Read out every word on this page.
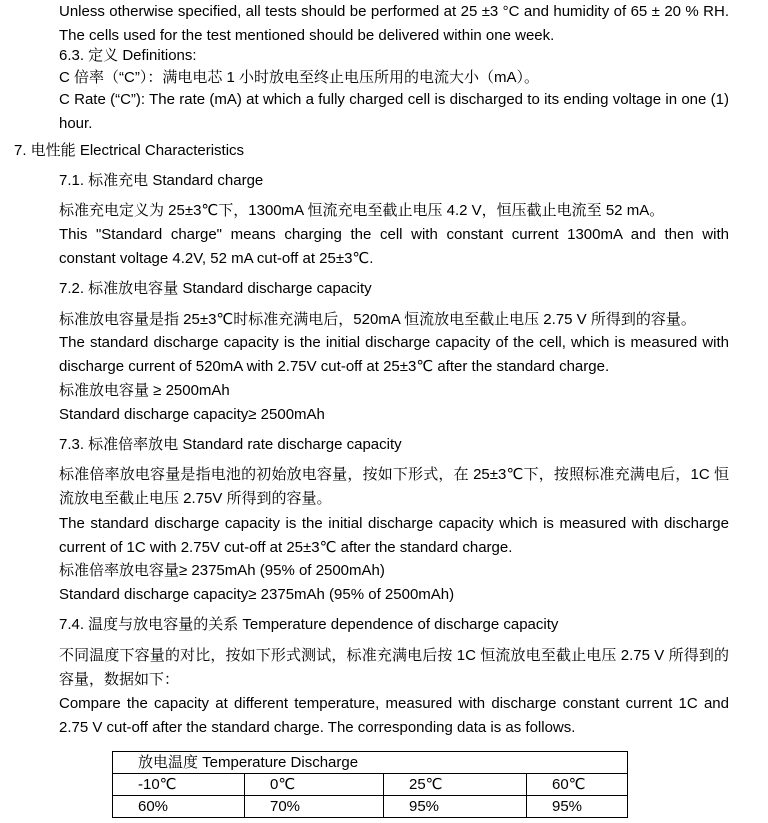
Unless otherwise specified, all tests should be performed at 25 ±3 °C and humidity of 65 ± 20 % RH. The cells used for the test mentioned should be delivered within one week.
6.3. 定义 Definitions:
C 倍率（“C”）：满电电芯 1 小时放电至终止电压所用的电流大小（mA）。
C Rate (“C”): The rate (mA) at which a fully charged cell is discharged to its ending voltage in one (1) hour.
7. 电性能 Electrical Characteristics
7.1. 标准充电 Standard charge
标准充电定义为 25±3℃下，1300mA 恒流充电至截止电压 4.2 V，恒压截止电流至 52 mA。
This "Standard charge" means charging the cell with constant current 1300mA and then with constant voltage 4.2V, 52 mA cut-off at 25±3℃.
7.2. 标准放电容量 Standard discharge capacity
标准放电容量是指 25±3℃时标准充满电后，520mA 恒流放电至截止电压 2.75 V 所得到的容量。
The standard discharge capacity is the initial discharge capacity of the cell, which is measured with discharge current of 520mA with 2.75V cut-off at 25±3℃ after the standard charge.
标准放电容量 ≥ 2500mAh
Standard discharge capacity≥ 2500mAh
7.3. 标准倍率放电 Standard rate discharge capacity
标准倍率放电容量是指电池的初始放电容量，按如下形式，在 25±3℃下，按照标准充满电后，1C 恒流放电至截止电压 2.75V 所得到的容量。
The standard discharge capacity is the initial discharge capacity which is measured with discharge current of 1C with 2.75V cut-off at 25±3℃ after the standard charge.
标准倍率放电容量≥ 2375mAh (95% of 2500mAh)
Standard discharge capacity≥ 2375mAh (95% of 2500mAh)
7.4. 温度与放电容量的关系 Temperature dependence of discharge capacity
不同温度下容量的对比，按如下形式测试，标准充满电后按 1C 恒流放电至截止电压 2.75 V 所得到的容量，数据如下：
Compare the capacity at different temperature, measured with discharge constant current 1C and 2.75 V cut-off after the standard charge. The corresponding data is as follows.
放电温度 Temperature Discharge			
-10℃	0℃	25℃	60℃
60%	70%	95%	95%
